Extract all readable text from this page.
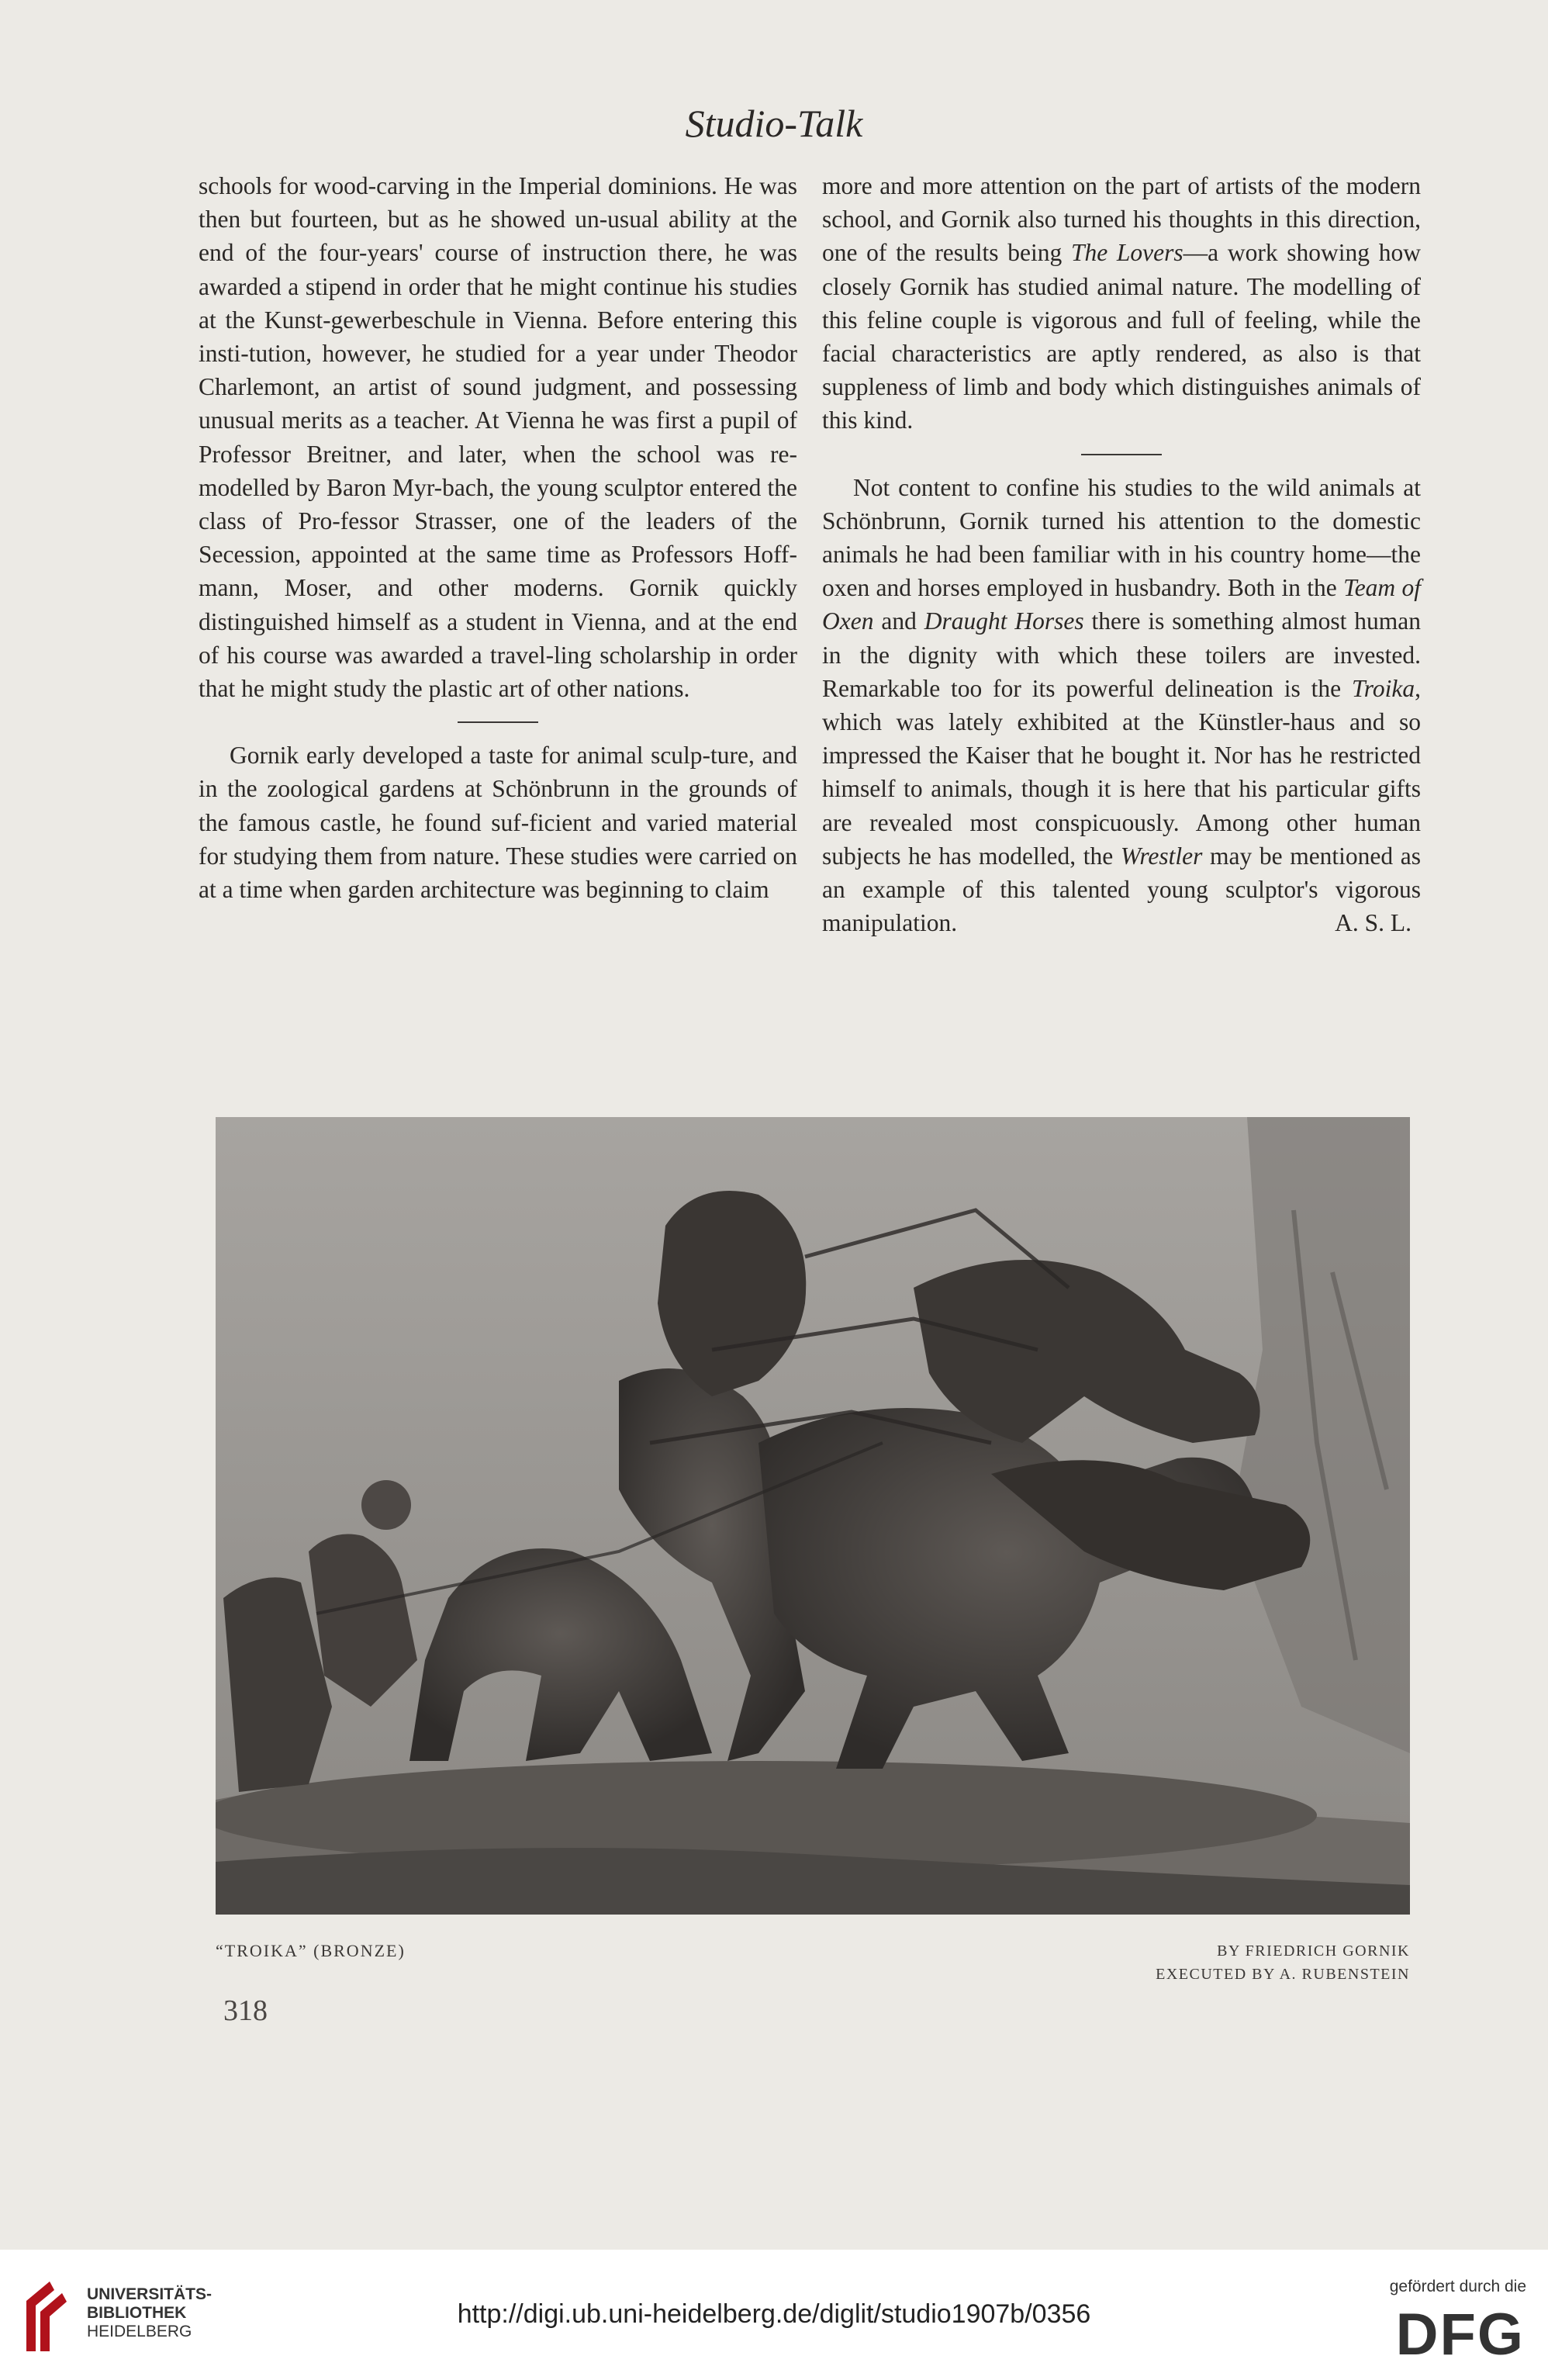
Studio-Talk

schools for wood-carving in the Imperial dominions. He was then but fourteen, but as he showed un-usual ability at the end of the four-years' course of instruction there, he was awarded a stipend in order that he might continue his studies at the Kunst-gewerbeschule in Vienna. Before entering this insti-tution, however, he studied for a year under Theodor Charlemont, an artist of sound judgment, and possessing unusual merits as a teacher. At Vienna he was first a pupil of Professor Breitner, and later, when the school was re-modelled by Baron Myr-bach, the young sculptor entered the class of Pro-fessor Strasser, one of the leaders of the Secession, appointed at the same time as Professors Hoff-mann, Moser, and other moderns. Gornik quickly distinguished himself as a student in Vienna, and at the end of his course was awarded a travel-ling scholarship in order that he might study the plastic art of other nations.

Gornik early developed a taste for animal sculp-ture, and in the zoological gardens at Schönbrunn in the grounds of the famous castle, he found suf-ficient and varied material for studying them from nature. These studies were carried on at a time when garden architecture was beginning to claim

more and more attention on the part of artists of the modern school, and Gornik also turned his thoughts in this direction, one of the results being The Lovers—a work showing how closely Gornik has studied animal nature. The modelling of this feline couple is vigorous and full of feeling, while the facial characteristics are aptly rendered, as also is that suppleness of limb and body which distinguishes animals of this kind.

Not content to confine his studies to the wild animals at Schönbrunn, Gornik turned his attention to the domestic animals he had been familiar with in his country home—the oxen and horses employed in husbandry. Both in the Team of Oxen and Draught Horses there is something almost human in the dignity with which these toilers are invested. Remarkable too for its powerful delineation is the Troika, which was lately exhibited at the Künstler-haus and so impressed the Kaiser that he bought it. Nor has he restricted himself to animals, though it is here that his particular gifts are revealed most conspicuously. Among other human subjects he has modelled, the Wrestler may be mentioned as an example of this talented young sculptor's vigorous manipulation.	A. S. L.
“TROIKA” (BRONZE)	BY FRIEDRICH GORNIK
EXECUTED BY A. RUBENSTEIN
318
UNIVERSITÄTS-
BIBLIOTHEK
HEIDELBERG
http://digi.ub.uni-heidelberg.de/diglit/studio1907b/0356
gefördert durch die
DFG
